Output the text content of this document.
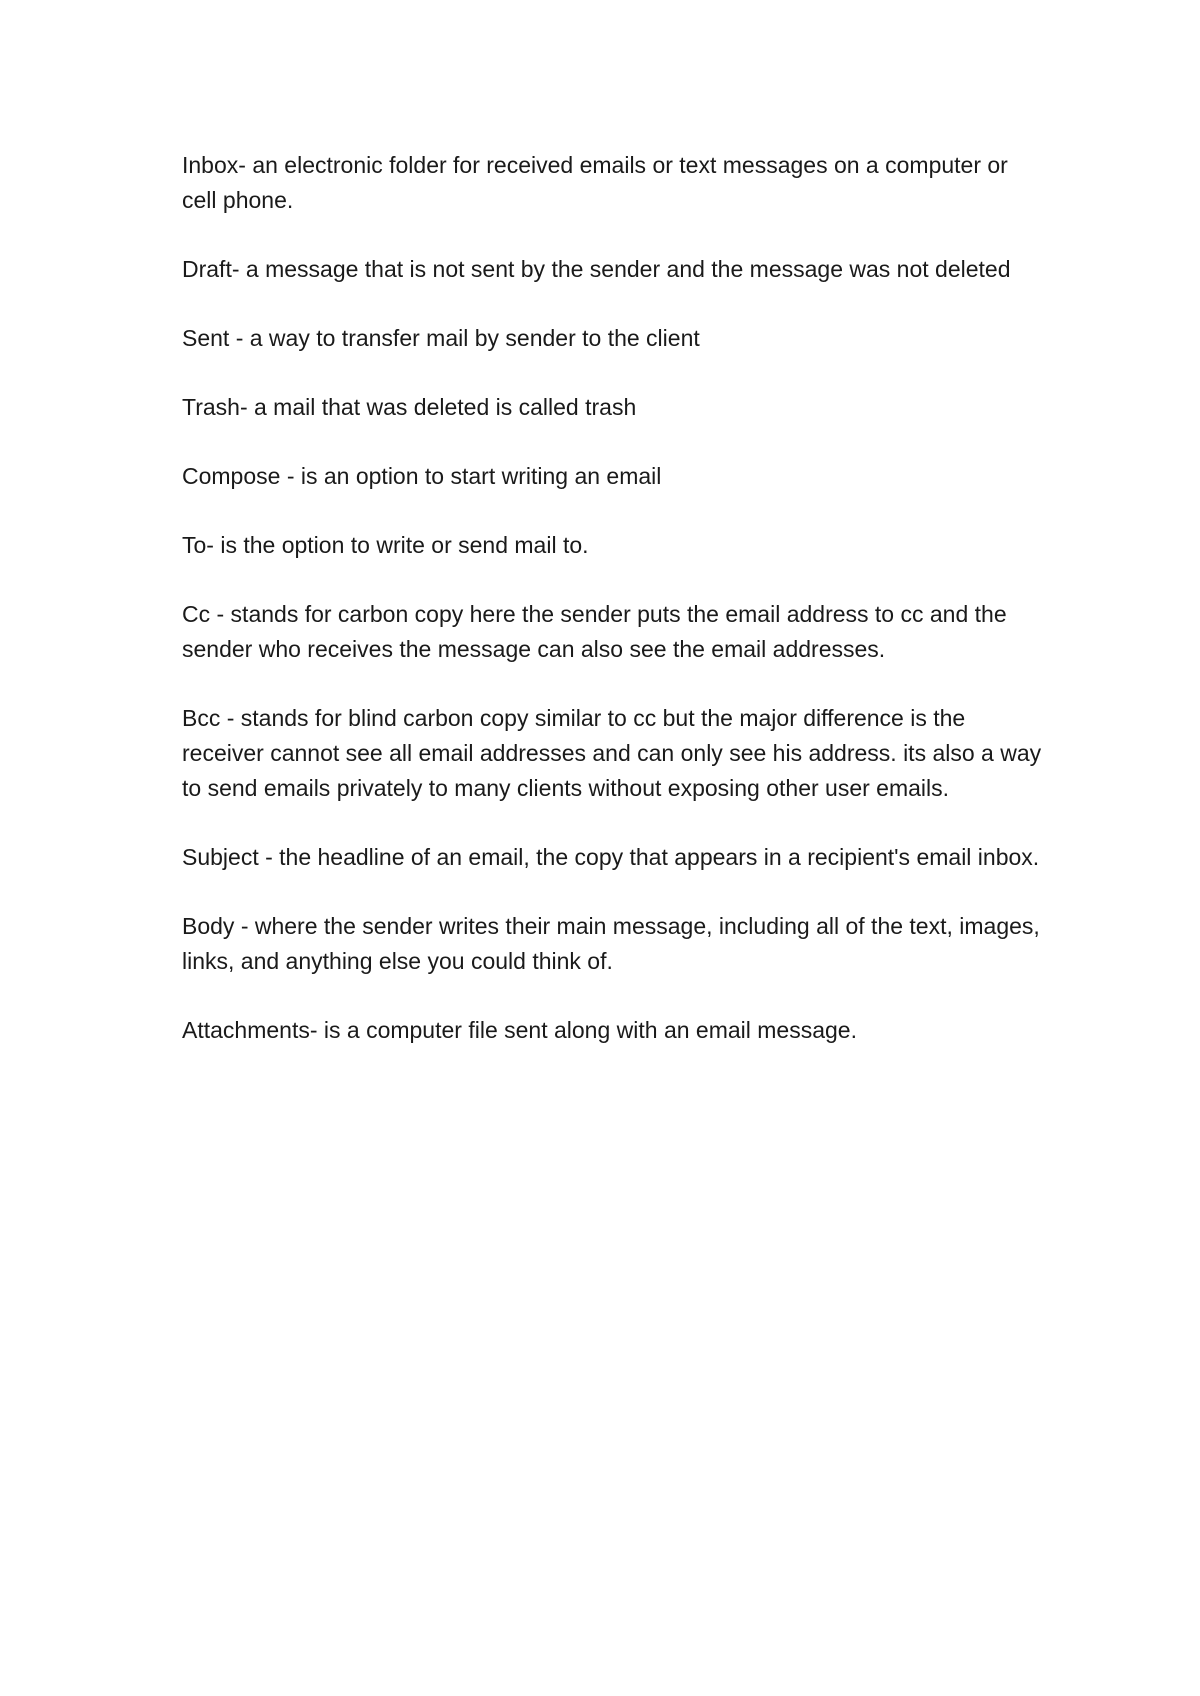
Inbox- an electronic folder for received emails or text messages on a computer or cell phone.

Draft- a message that is not sent by the sender and the message was not deleted

Sent - a way to transfer mail by sender to the client

Trash- a mail that was deleted is called trash

Compose - is an option to start writing an email

To- is the option to write or send mail to.

Cc - stands for carbon copy here the sender puts the email address to cc and the sender who receives the message can also see the email addresses.

Bcc - stands for blind carbon copy similar to cc but the major difference is the receiver cannot see all email addresses and can only see his address. its also a way to send emails privately to many clients without exposing other user emails.

Subject - the headline of an email, the copy that appears in a recipient's email inbox.

Body - where the sender writes their main message, including all of the text, images, links, and anything else you could think of.

Attachments- is a computer file sent along with an email message.
